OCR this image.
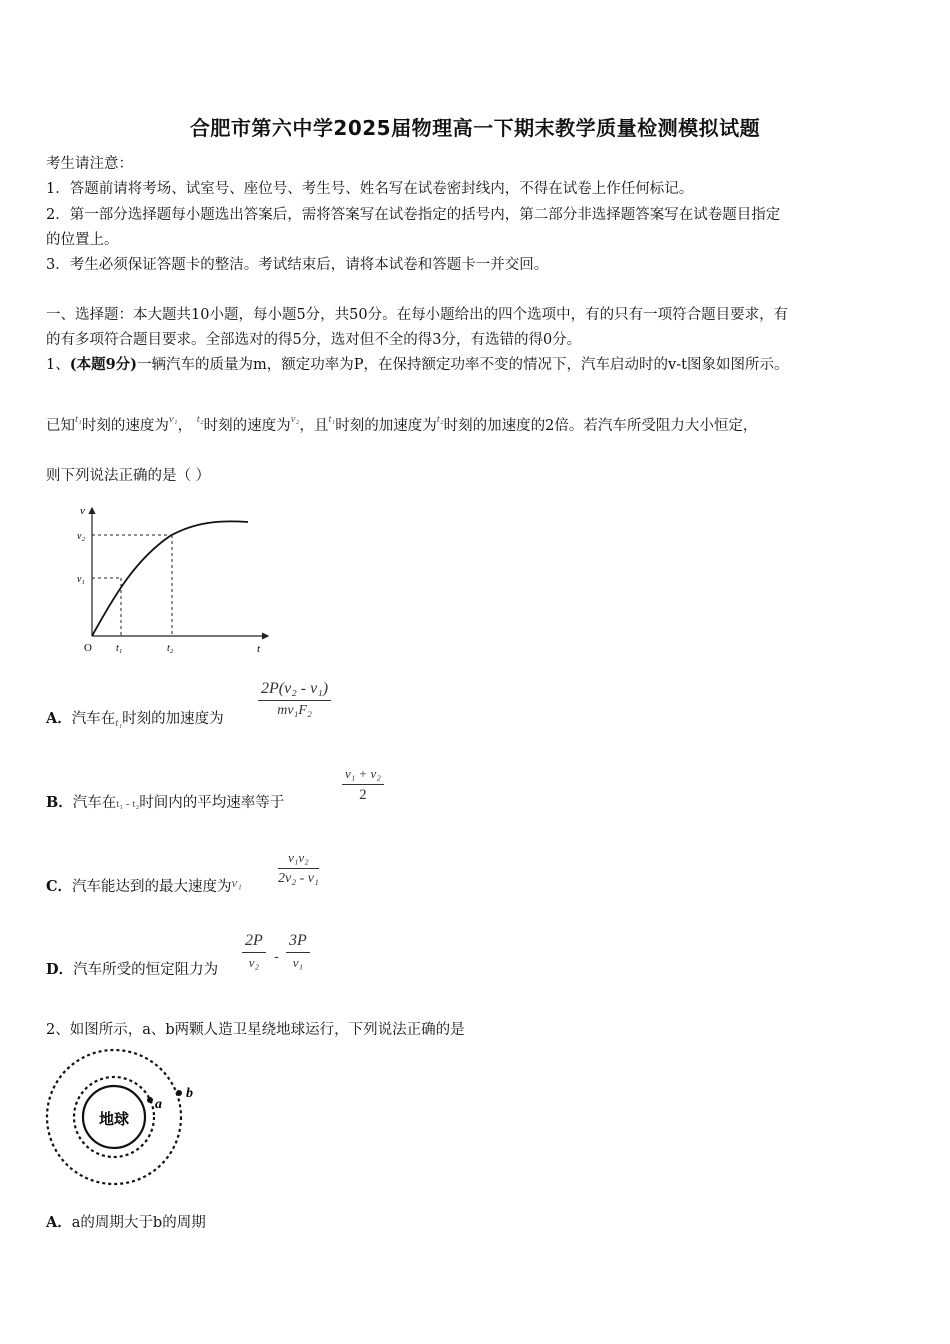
合肥市第六中学2025届物理高一下期末教学质量检测模拟试题
考生请注意：
1．答题前请将考场、试室号、座位号、考生号、姓名写在试卷密封线内，不得在试卷上作任何标记。
2．第一部分选择题每小题选出答案后，需将答案写在试卷指定的括号内，第二部分非选择题答案写在试卷题目指定
的位置上。
3．考生必须保证答题卡的整洁。考试结束后，请将本试卷和答题卡一并交回。
一、选择题：本大题共10小题，每小题5分，共50分。在每小题给出的四个选项中，有的只有一项符合题目要求，有
的有多项符合题目要求。全部选对的得5分，选对但不全的得3分，有选错的得0分。
1、(本题9分)一辆汽车的质量为m，额定功率为P，在保持额定功率不变的情况下，汽车启动时的v-t图象如图所示。
已知$^{t_1}$时刻的速度为$^{v_1}$， $^{t_2}$时刻的速度为$^{v_2}$，且$^{t_1}$时刻的加速度为$^{t_2}$时刻的加速度的2倍。若汽车所受阻力大小恒定，
则下列说法正确的是（ ）
v
v₂
v₁
O t₁	t₂	t
A．汽车在$_{t_1}$时刻的加速度为 $\frac{\text{2P(v₂ - v₁)}}{\text{mv₁F₂}}$
B．汽车在t₁ - t₂时间内的平均速率等于	$\frac{\text{v₁ + v₂}}{2}$
C．汽车能达到的最大速度为v₁	$\frac{\text{v₁v₂}}{\text{2v₂ - v₁}}$
D．汽车所受的恒定阻力为
2P
v₂	-
3P
v₁
2、如图所示，a、b两颗人造卫星绕地球运行，下列说法正确的是
地球
a
b
A．a的周期大于b的周期
